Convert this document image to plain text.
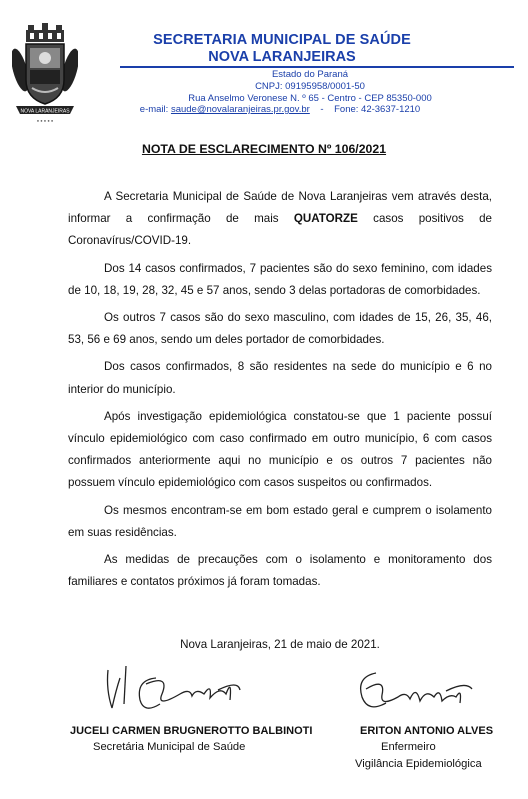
NOVA LARANJEIRAS
● ● ● ● ●
SECRETARIA MUNICIPAL DE SAÚDE
NOVA LARANJEIRAS
Estado do Paraná
CNPJ: 09195958/0001-50
Rua Anselmo Veronese N. º 65 - Centro - CEP 85350-000
e-mail: saude@novalaranjeiras.pr.gov.br - Fone: 42-3637-1210
NOTA DE ESCLARECIMENTO Nº 106/2021

A Secretaria Municipal de Saúde de Nova Laranjeiras vem através desta, informar a confirmação de mais QUATORZE casos positivos de Coronavírus/COVID-19.

Dos 14 casos confirmados, 7 pacientes são do sexo feminino, com idades de 10, 18, 19, 28, 32, 45 e 57 anos, sendo 3 delas portadoras de comorbidades.

Os outros 7 casos são do sexo masculino, com idades de 15, 26, 35, 46, 53, 56 e 69 anos, sendo um deles portador de comorbidades.

Dos casos confirmados, 8 são residentes na sede do município e 6 no interior do município.

Após investigação epidemiológica constatou-se que 1 paciente possuí vínculo epidemiológico com caso confirmado em outro município, 6 com casos confirmados anteriormente aqui no município e os outros 7 pacientes não possuem vínculo epidemiológico com casos suspeitos ou confirmados.

Os mesmos encontram-se em bom estado geral e cumprem o isolamento em suas residências.

As medidas de precauções com o isolamento e monitoramento dos familiares e contatos próximos já foram tomadas.

Nova Laranjeiras, 21 de maio de 2021.
JUCELI CARMEN BRUGNEROTTO BALBINOTI
Secretária Municipal de Saúde
ERITON ANTONIO ALVES
Enfermeiro
Vigilância Epidemiológica
